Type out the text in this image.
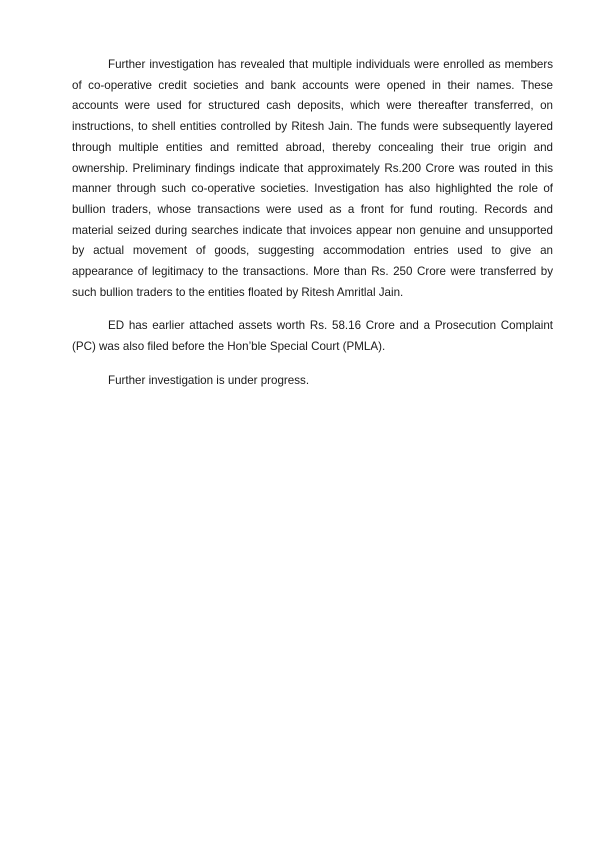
Further investigation has revealed that multiple individuals were enrolled as members of co-operative credit societies and bank accounts were opened in their names. These accounts were used for structured cash deposits, which were thereafter transferred, on instructions, to shell entities controlled by Ritesh Jain. The funds were subsequently layered through multiple entities and remitted abroad, thereby concealing their true origin and ownership. Preliminary findings indicate that approximately Rs.200 Crore was routed in this manner through such co-operative societies. Investigation has also highlighted the role of bullion traders, whose transactions were used as a front for fund routing. Records and material seized during searches indicate that invoices appear non genuine and unsupported by actual movement of goods, suggesting accommodation entries used to give an appearance of legitimacy to the transactions. More than Rs. 250 Crore were transferred by such bullion traders to the entities floated by Ritesh Amritlal Jain.

ED has earlier attached assets worth Rs. 58.16 Crore and a Prosecution Complaint (PC) was also filed before the Hon’ble Special Court (PMLA).

Further investigation is under progress.
